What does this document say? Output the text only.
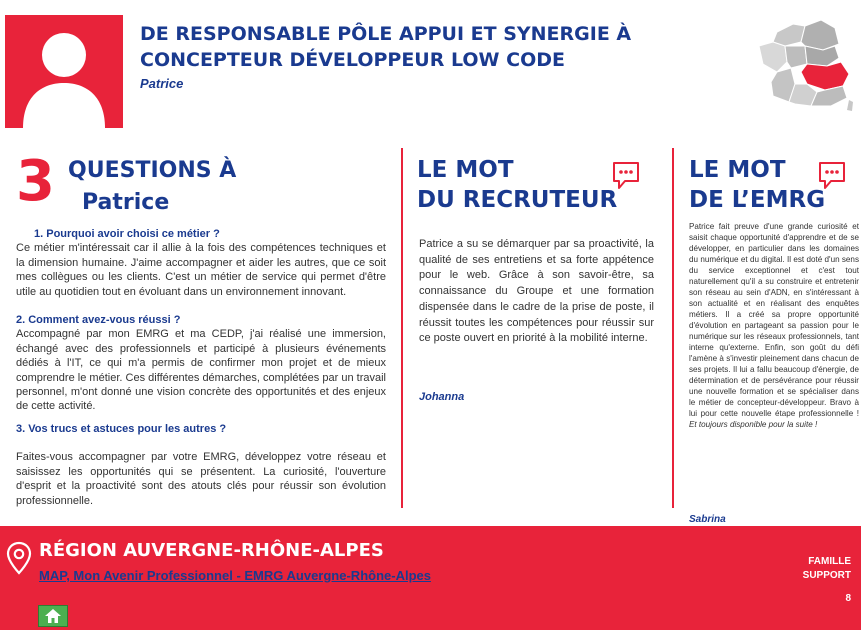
DE RESPONSABLE PÔLE APPUI ET SYNERGIE À CONCEPTEUR DÉVELOPPEUR LOW CODE
Patrice
3 QUESTIONS À
Patrice
1. Pourquoi avoir choisi ce métier ?

Ce métier m'intéressait car il allie à la fois des compétences techniques et la dimension humaine. J'aime accompagner et aider les autres, que ce soit mes collègues ou les clients. C'est un métier de service qui permet d'être utile au quotidien tout en évoluant dans un environnement innovant.

2. Comment avez-vous réussi ?

Accompagné par mon EMRG et ma CEDP, j'ai réalisé une immersion, échangé avec des professionnels et participé à plusieurs événements dédiés à l'IT, ce qui m'a permis de confirmer mon projet et de mieux comprendre le métier. Ces différentes démarches, complétées par un travail personnel, m'ont donné une vision concrète des opportunités et des enjeux de cette activité.

3. Vos trucs et astuces pour les autres ?

Faites-vous accompagner par votre EMRG, développez votre réseau et saisissez les opportunités qui se présentent. La curiosité, l'ouverture d'esprit et la proactivité sont des atouts clés pour réussir son évolution professionnelle.

LE MOT
DU RECRUTEUR

Patrice a su se démarquer par sa proactivité, la qualité de ses entretiens et sa forte appétence pour le web. Grâce à son savoir-être, sa connaissance du Groupe et une formation dispensée dans le cadre de la prise de poste, il réussit toutes les compétences pour réussir sur ce poste ouvert en priorité à la mobilité interne.

Johanna
LE MOT
DE L’EMRG

Patrice fait preuve d'une grande curiosité et saisit chaque opportunité d'apprendre et de se développer, en particulier dans les domaines du numérique et du digital. Il est doté d'un sens du service exceptionnel et c'est tout naturellement qu'il a su construire et entretenir son réseau au sein d'ADN, en s'intéressant à son actualité et en réalisant des enquêtes métiers. Il a créé sa propre opportunité d'évolution en partageant sa passion pour le numérique sur les réseaux professionnels, tant interne qu'externe. Enfin, son goût du défi l'amène à s'investir pleinement dans chacun de ses projets. Il lui a fallu beaucoup d'énergie, de détermination et de persévérance pour réussir une nouvelle formation et se spécialiser dans le métier de concepteur-développeur. Bravo à lui pour cette nouvelle étape professionnelle ! Et toujours disponible pour la suite !

Sabrina
RÉGION AUVERGNE-RHÔNE-ALPES
MAP, Mon Avenir Professionnel - EMRG Auvergne-Rhône-Alpes
FAMILLE
SUPPORT
8
